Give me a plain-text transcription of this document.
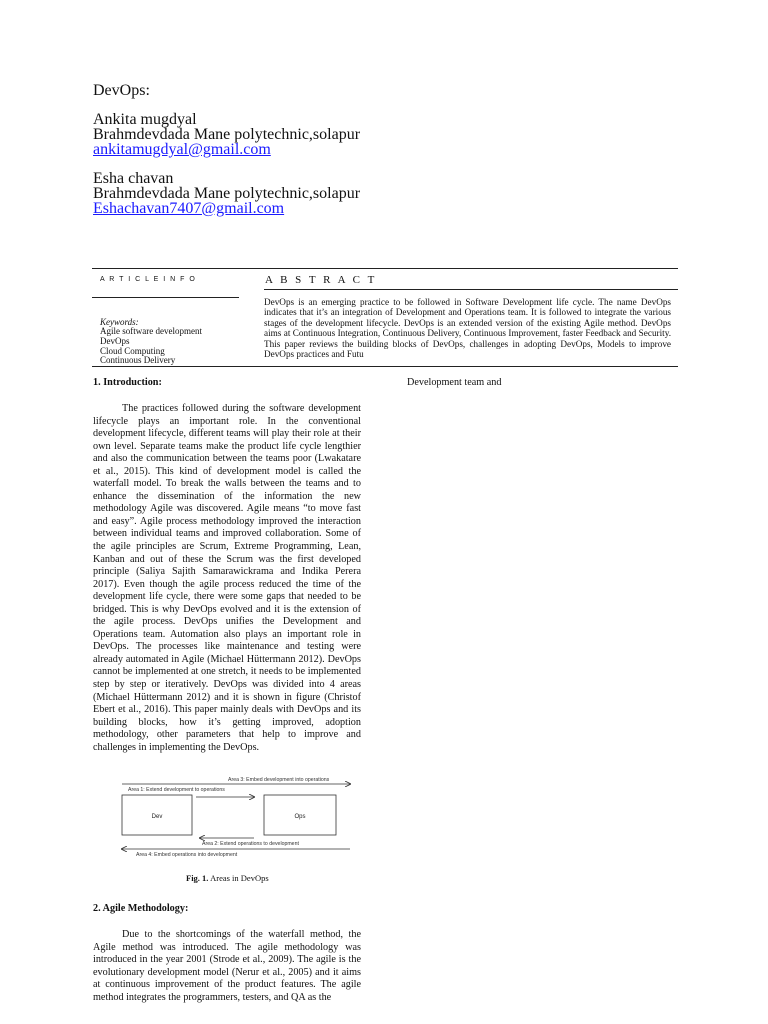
DevOps:
Ankita mugdyal
Brahmdevdada Mane polytechnic,solapur
ankitamugdyal@gmail.com
Esha chavan
Brahmdevdada Mane polytechnic,solapur
Eshachavan7407@gmail.com
A R T I C L E I N F O	A B S T R A C T
Keywords:
Agile software development
DevOps
Cloud Computing
Continuous Delivery
DevOps is an emerging practice to be followed in Software Development life cycle. The name DevOps indicates that it’s an integration of Development and Operations team. It is followed to integrate the various stages of the development lifecycle. DevOps is an extended version of the existing Agile method. DevOps aims at Continuous Integration, Continuous Delivery, Continuous Improvement, faster Feedback and Security. This paper reviews the building blocks of DevOps, challenges in adopting DevOps, Models to improve DevOps practices and Futu
Development team and
1. Introduction:

The practices followed during the software development lifecycle plays an important role. In the conventional development lifecycle, different teams will play their role at their own level. Separate teams make the product life cycle lengthier and also the communication between the teams poor (Lwakatare et al., 2015). This kind of development model is called the waterfall model. To break the walls between the teams and to enhance the dissemination of the information the new methodology Agile was discovered. Agile means “to move fast and easy”. Agile process methodology improved the interaction between individual teams and improved collaboration. Some of the agile principles are Scrum, Extreme Programming, Lean, Kanban and out of these the Scrum was the first developed principle (Saliya Sajith Samarawickrama and Indika Perera 2017). Even though the agile process reduced the time of the development life cycle, there were some gaps that needed to be bridged. This is why DevOps evolved and it is the extension of the agile process. DevOps unifies the Development and Operations team. Automation also plays an important role in DevOps. The processes like maintenance and testing were already automated in Agile (Michael Hüttermann 2012). DevOps cannot be implemented at one stretch, it needs to be implemented step by step or iteratively. DevOps was divided into 4 areas (Michael Hüttermann 2012) and it is shown in figure (Christof Ebert et al., 2016). This paper mainly deals with DevOps and its building blocks, how it’s getting improved, adoption methodology, other parameters that help to improve and challenges in implementing the DevOps.

Area 3: Embed development into operations
Area 1: Extend development to operations
Dev	Ops
Area 2: Extend operations to development
Area 4: Embed operations into development
Fig. 1. Areas in DevOps
2. Agile Methodology:

Due to the shortcomings of the waterfall method, the Agile method was introduced. The agile methodology was introduced in the year 2001 (Strode et al., 2009). The agile is the evolutionary development model (Nerur et al., 2005) and it aims at continuous improvement of the product features. The agile method integrates the programmers, testers, and QA as the
